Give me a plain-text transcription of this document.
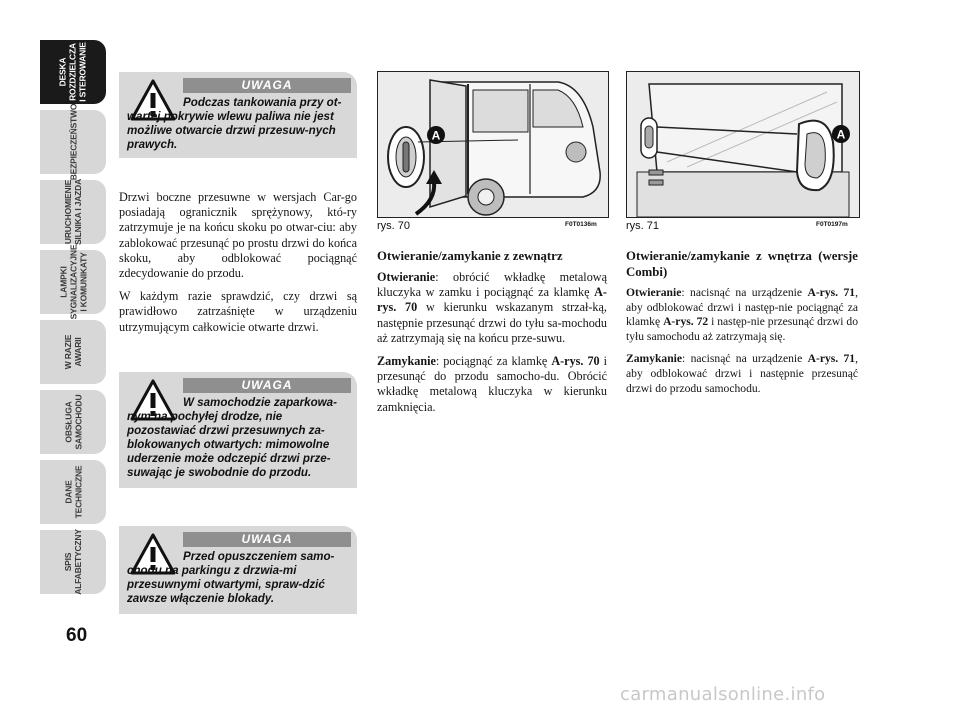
DESKA
ROZDZIELCZA
I STEROWANIE
BEZPIECZEŃSTWO
URUCHOMIENIE
SILNIKA I JAZDA
LAMPKI
SYGNALIZACYJNE
I KOMUNIKATY
W RAZIE
AWARII
OBSŁUGA
SAMOCHODU
DANE
TECHNICZNE
SPIS
ALFABETYCZNY
60
UWAGA
Podczas tankowania przy ot-wartej pokrywie wlewu paliwa nie jest możliwe otwarcie drzwi przesuw-nych prawych.
UWAGA
W samochodzie zaparkowa-nym na pochyłej drodze, nie pozostawiać drzwi przesuwnych za-blokowanych otwartych: mimowolne uderzenie może odczepić drzwi prze-suwając je swobodnie do przodu.
UWAGA
Przed opuszczeniem samo-chodu na parkingu z drzwia-mi przesuwnymi otwartymi, spraw-dzić zawsze włączenie blokady.

Drzwi boczne przesuwne w wersjach Car-go posiadają ogranicznik sprężynowy, któ-ry zatrzymuje je na końcu skoku po otwar-ciu: aby zablokować przesunąć po prostu drzwi do końca skoku, aby odblokować pociągnąć zdecydowanie do przodu.

W każdym razie sprawdzić, czy drzwi są prawidłowo zatrzaśnięte w urządzeniu utrzymującym całkowicie otwarte drzwi.

A
rys. 70	F0T0136m
A
rys. 71	F0T0197m
Otwieranie/zamykanie z zewnątrz

Otwieranie: obrócić wkładkę metalową kluczyka w zamku i pociągnąć za klamkę A-rys. 70 w kierunku wskazanym strzał-ką, następnie przesunąć drzwi do tyłu sa-mochodu aż zatrzymają się na końcu prze-suwu.

Zamykanie: pociągnąć za klamkę A-rys. 70 i przesunąć do przodu samocho-du. Obrócić wkładkę metalową kluczyka w kierunku zamknięcia.

Otwieranie/zamykanie z wnętrza (wersje Combi)

Otwieranie: nacisnąć na urządzenie A-rys. 71, aby odblokować drzwi i następ-nie pociągnąć za klamkę A-rys. 72 i następ-nie przesunąć drzwi do tyłu samochodu aż zatrzymają się.

Zamykanie: nacisnąć na urządzenie A-rys. 71, aby odblokować drzwi i następnie przesunąć drzwi do przodu samochodu.

carmanualsonline.info
